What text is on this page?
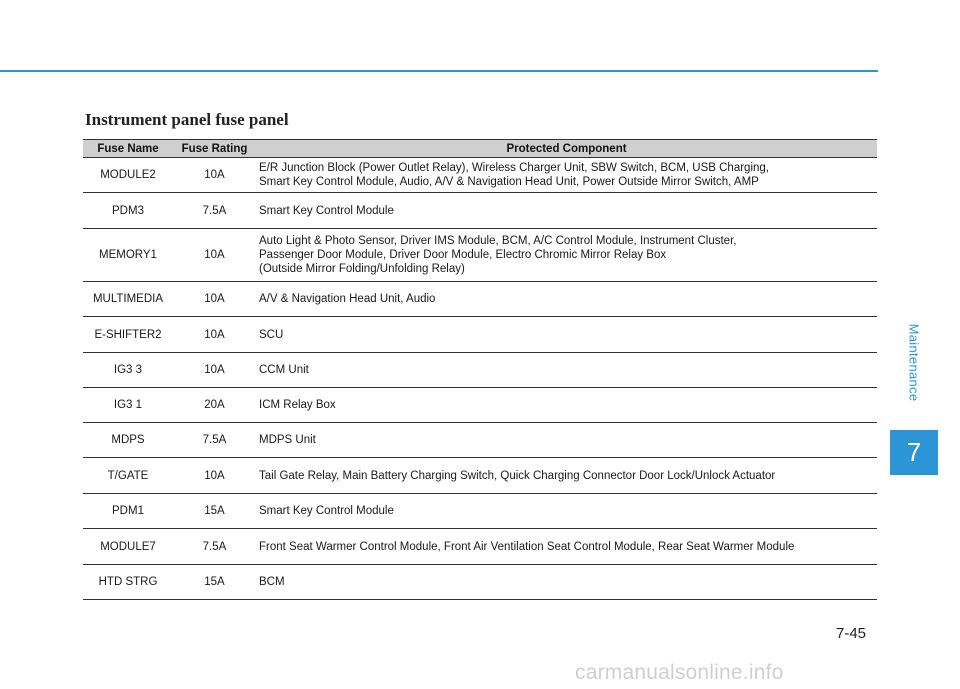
Instrument panel fuse panel
Fuse Name	Fuse Rating	Protected Component
MODULE2	10A	E/R Junction Block (Power Outlet Relay), Wireless Charger Unit, SBW Switch, BCM, USB Charging,
Smart Key Control Module, Audio, A/V & Navigation Head Unit, Power Outside Mirror Switch, AMP

PDM3	7.5A	Smart Key Control Module

MEMORY1	10A	Auto Light & Photo Sensor, Driver IMS Module, BCM, A/C Control Module, Instrument Cluster,
Passenger Door Module, Driver Door Module, Electro Chromic Mirror Relay Box
(Outside Mirror Folding/Unfolding Relay)

MULTIMEDIA	10A	A/V & Navigation Head Unit, Audio

E-SHIFTER2	10A	SCU

IG3 3	10A	CCM Unit

IG3 1	20A	ICM Relay Box

MDPS	7.5A	MDPS Unit

T/GATE	10A	Tail Gate Relay, Main Battery Charging Switch, Quick Charging Connector Door Lock/Unlock Actuator

PDM1	15A	Smart Key Control Module

MODULE7	7.5A	Front Seat Warmer Control Module, Front Air Ventilation Seat Control Module, Rear Seat Warmer Module

HTD STRG	15A	BCM
Maintenance
7
7-45
carmanualsonline.info
